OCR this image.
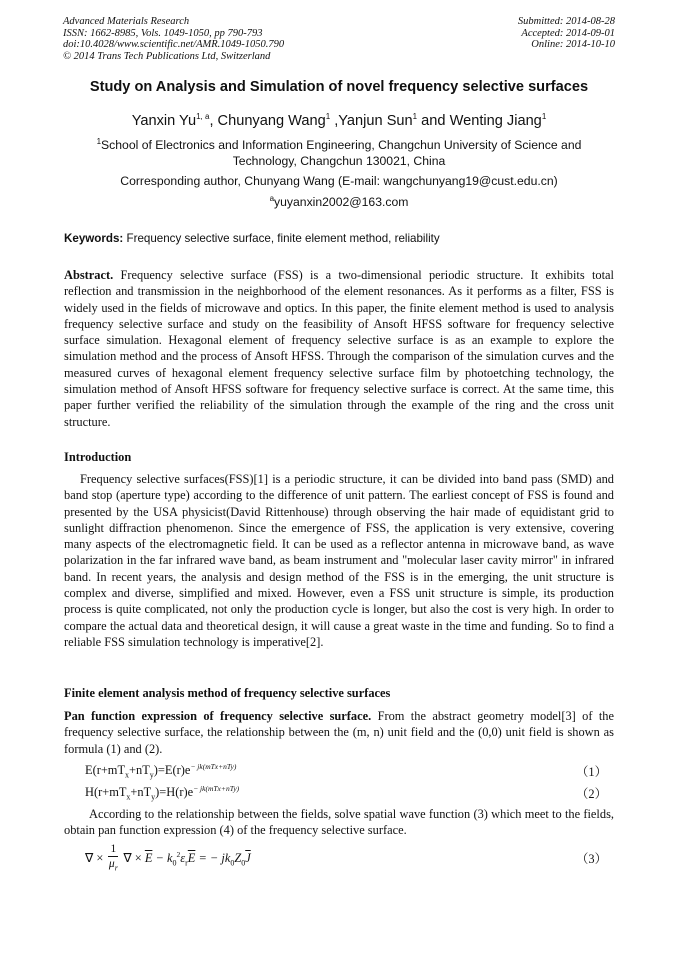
Advanced Materials Research
ISSN: 1662-8985, Vols. 1049-1050, pp 790-793
doi:10.4028/www.scientific.net/AMR.1049-1050.790
© 2014 Trans Tech Publications Ltd, Switzerland
Submitted: 2014-08-28
Accepted: 2014-09-01
Online: 2014-10-10
Study on Analysis and Simulation of novel frequency selective surfaces
Yanxin Yu$^{1, a}$, Chunyang Wang$^1$ ,Yanjun Sun$^1$ and Wenting Jiang$^1$
$^1$School of Electronics and Information Engineering, Changchun University of Science and Technology, Changchun 130021, China
Corresponding author, Chunyang Wang (E-mail: wangchunyang19@cust.edu.cn)
$^a$yuyanxin2002@163.com
Keywords: Frequency selective surface, finite element method, reliability
Abstract. Frequency selective surface (FSS) is a two-dimensional periodic structure. It exhibits total reflection and transmission in the neighborhood of the element resonances. As it performs as a filter, FSS is widely used in the fields of microwave and optics. In this paper, the finite element method is used to analysis frequency selective surface and study on the feasibility of Ansoft HFSS software for frequency selective surface simulation. Hexagonal element of frequency selective surface is as an example to explore the simulation method and the process of Ansoft HFSS. Through the comparison of the simulation curves and the measured curves of hexagonal element frequency selective surface film by photoetching technology, the simulation method of Ansoft HFSS software for frequency selective surface is correct. At the same time, this paper further verified the reliability of the simulation through the example of the ring and the cross unit structure.
Introduction
Frequency selective surfaces(FSS)[1] is a periodic structure, it can be divided into band pass (SMD) and band stop (aperture type) according to the difference of unit pattern. The earliest concept of FSS is found and presented by the USA physicist(David Rittenhouse) through observing the hair made of equidistant grid to sunlight diffraction phenomenon. Since the emergence of FSS, the application is very extensive, covering many aspects of the electromagnetic field. It can be used as a reflector antenna in microwave band, as wave polarization in the far infrared wave band, as beam instrument and "molecular laser cavity mirror" in infrared band. In recent years, the analysis and design method of the FSS is in the emerging, the unit structure is complex and diverse, simplified and mixed. However, even a FSS unit structure is simple, its production process is quite complicated, not only the production cycle is longer, but also the cost is very high. In order to compare the actual data and theoretical design, it will cause a great waste in the time and funding. So to find a reliable FSS simulation technology is imperative[2].
Finite element analysis method of frequency selective surfaces
Pan function expression of frequency selective surface. From the abstract geometry model[3] of the frequency selective surface, the relationship between the (m, n) unit field and the (0,0) unit field is shown as formula (1) and (2).
$E(r+mT_x+nT_y)=E(r)e^{- jk(mTx+nTy)}$	（1）
$H(r+mT_x+nT_y)=H(r)e^{- jk(mTx+nTy)}$	（2）
According to the relationship between the fields, solve spatial wave function (3) which meet to the fields, obtain pan function expression (4) of the frequency selective surface.
∇ × $\frac{1}{\mu_r}$ ∇ × $\overline{E} - k_0^2\varepsilon_r\overline{E}$ = − $jk_0Z_0\overline{J}$	（3）
